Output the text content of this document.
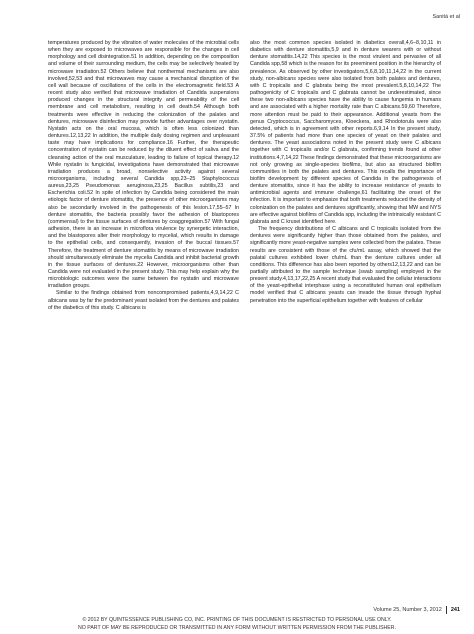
Sanitá et al

temperatures produced by the vibration of water molecules of the microbial cells when they are exposed to microwaves are responsible for the changes in cell morphology and cell disintegration.51 In addition, depending on the composition and volume of their surrounding medium, the cells may be selectively heated by microwave irradiation.52 Others believe that nonthermal mechanisms are also involved,52,53 and that microwaves may cause a mechanical disruption of the cell wall because of oscillations of the cells in the electromagnetic field.53 A recent study also verified that microwave irradiation of Candida suspensions produced changes in the structural integrity and permeability of the cell membrane and cell metabolism, resulting in cell death.54 Although both treatments were effective in reducing the colonization of the palates and dentures, microwave disinfection may provide further advantages over nystatin. Nystatin acts on the oral mucosa, which is often less colonized than dentures.12,13,22 In addition, the multiple daily dosing regimen and unpleasant taste may have implications for compliance.16 Further, the therapeutic concentration of nystatin can be reduced by the diluent effect of saliva and the cleansing action of the oral musculature, leading to failure of topical therapy.12 While nystatin is fungicidal, investigations have demonstrated that microwave irradiation produces a broad, nonselective activity against several microorganisms, including several Candida spp,23–25 Staphylococcus aureus,23,25 Pseudomonas aeruginosa,23,25 Bacillus subtilis,23 and Escherichia coli.52 In spite of infection by Candida being considered the main etiologic factor of denture stomatitis, the presence of other microorganisms may also be secondarily involved in the pathogenesis of this lesion.17,55–57 In denture stomatitis, the bacteria possibly favor the adhesion of blastopores (commensal) to the tissue surfaces of dentures by coaggregation.57 With fungal adhesion, there is an increase in microflora virulence by synergetic interaction, and the blastopores alter their morphology to mycelial, which results in damage to the epithelial cells, and consequently, invasion of the buccal tissues.57 Therefore, the treatment of denture stomatitis by means of microwave irradiation should simultaneously eliminate the mycelia Candida and inhibit bacterial growth in the tissue surfaces of dentures.22 However, microorganisms other than Candida were not evaluated in the present study. This may help explain why the microbiologic outcomes were the same between the nystatin and microwave irradiation groups.

Similar to the findings obtained from noncompromised patients,4,9,14,22 C albicans was by far the predominant yeast isolated from the dentures and palates of the diabetics of this study. C albicans is

also the most common species isolated in diabetics overall,4,6–8,10,11 in diabetics with denture stomatitis,5,9 and in denture wearers with or without denture stomatitis.14,22 This species is the most virulent and pervasive of all Candida spp,58 which is the reason for its preeminent position in the hierarchy of prevalence. As observed by other investigators,5,6,8,10,11,14,22 in the current study, non-albicans species were also isolated from both palates and dentures, with C tropicalis and C glabrata being the most prevalent.5,8,10,14,22 The pathogenicity of C tropicalis and C glabrata cannot be underestimated, since these two non-albicans species have the ability to cause fungemia in humans and are associated with a higher mortality rate than C albicans.59,60 Therefore, more attention must be paid to their appearance. Additional yeasts from the genus Cryptococcus, Saccharomyces, Kloeckera, and Rhodotorula were also detected, which is in agreement with other reports.6,9,14 In the present study, 37.5% of patients had more than one species of yeast on their palates and dentures. The yeast associations noted in the present study were C albicans together with C tropicalis and/or C glabrata, confirming trends found at other institutions.4,7,14,22 These findings demonstrated that these microorganisms are not only growing as single-species biofilms, but also as structured biofilm communities in both the palates and dentures. This recalls the importance of biofilm development by different species of Candida in the pathogenesis of denture stomatitis, since it has the ability to increase resistance of yeasts to antimicrobial agents and immune challenge,61 facilitating the onset of the infection. It is important to emphasize that both treatments reduced the density of colonization on the palates and dentures significantly, showing that MW and NYS are effective against biofilms of Candida spp, including the intrinsically resistant C glabrata and C krusei identified here.

The frequency distributions of C albicans and C tropicalis isolated from the dentures were significantly higher than those obtained from the palates, and significantly more yeast-negative samples were collected from the palates. These results are consistent with those of the cfu/mL assay, which showed that the palatal cultures exhibited lower cfu/mL than the denture cultures under all conditions. This difference has also been reported by others12,13,22 and can be partially attributed to the sample technique (swab sampling) employed in the present study.4,13,17,22,25 A recent study that evaluated the cellular interactions of the yeast-epithelial interphase using a reconstituted human oral epithelium model verified that C albicans yeasts can invade the tissue through hyphal penetration into the superficial epithelium together with features of cellular

Volume 25, Number 3, 2012 241
© 2012 BY QUINTESSENCE PUBLISHING CO, INC. PRINTING OF THIS DOCUMENT IS RESTRICTED TO PERSONAL USE ONLY.
NO PART OF MAY BE REPRODUCED OR TRANSMITTED IN ANY FORM WITHOUT WRITTEN PERMISSION FROM THE PUBLISHER.
